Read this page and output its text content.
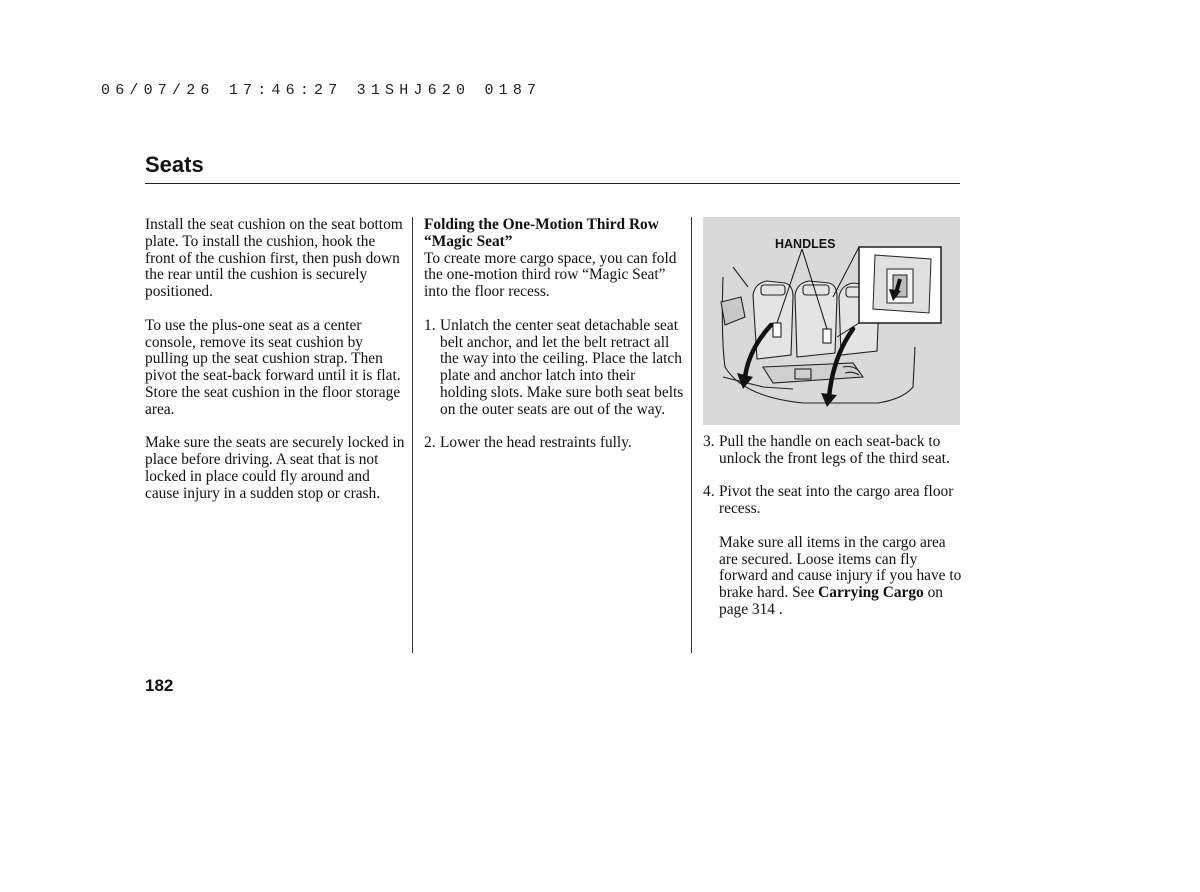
06/07/26 17:46:27 31SHJ620 0187
Seats

Install the seat cushion on the seat bottom plate. To install the cushion, hook the front of the cushion first, then push down the rear until the cushion is securely positioned.

To use the plus-one seat as a center console, remove its seat cushion by pulling up the seat cushion strap. Then pivot the seat-back forward until it is flat. Store the seat cushion in the floor storage area.

Make sure the seats are securely locked in place before driving. A seat that is not locked in place could fly around and cause injury in a sudden stop or crash.

Folding the One-Motion Third Row “Magic Seat”

To create more cargo space, you can fold the one-motion third row “Magic Seat” into the floor recess.

1. Unlatch the center seat detachable seat belt anchor, and let the belt retract all the way into the ceiling. Place the latch plate and anchor latch into their holding slots. Make sure both seat belts on the outer seats are out of the way.
2. Lower the head restraints fully.
HANDLES
3. Pull the handle on each seat-back to unlock the front legs of the third seat.
4. Pivot the seat into the cargo area floor recess.

Make sure all items in the cargo area are secured. Loose items can fly forward and cause injury if you have to brake hard. See Carrying Cargo on page 314 .

182
